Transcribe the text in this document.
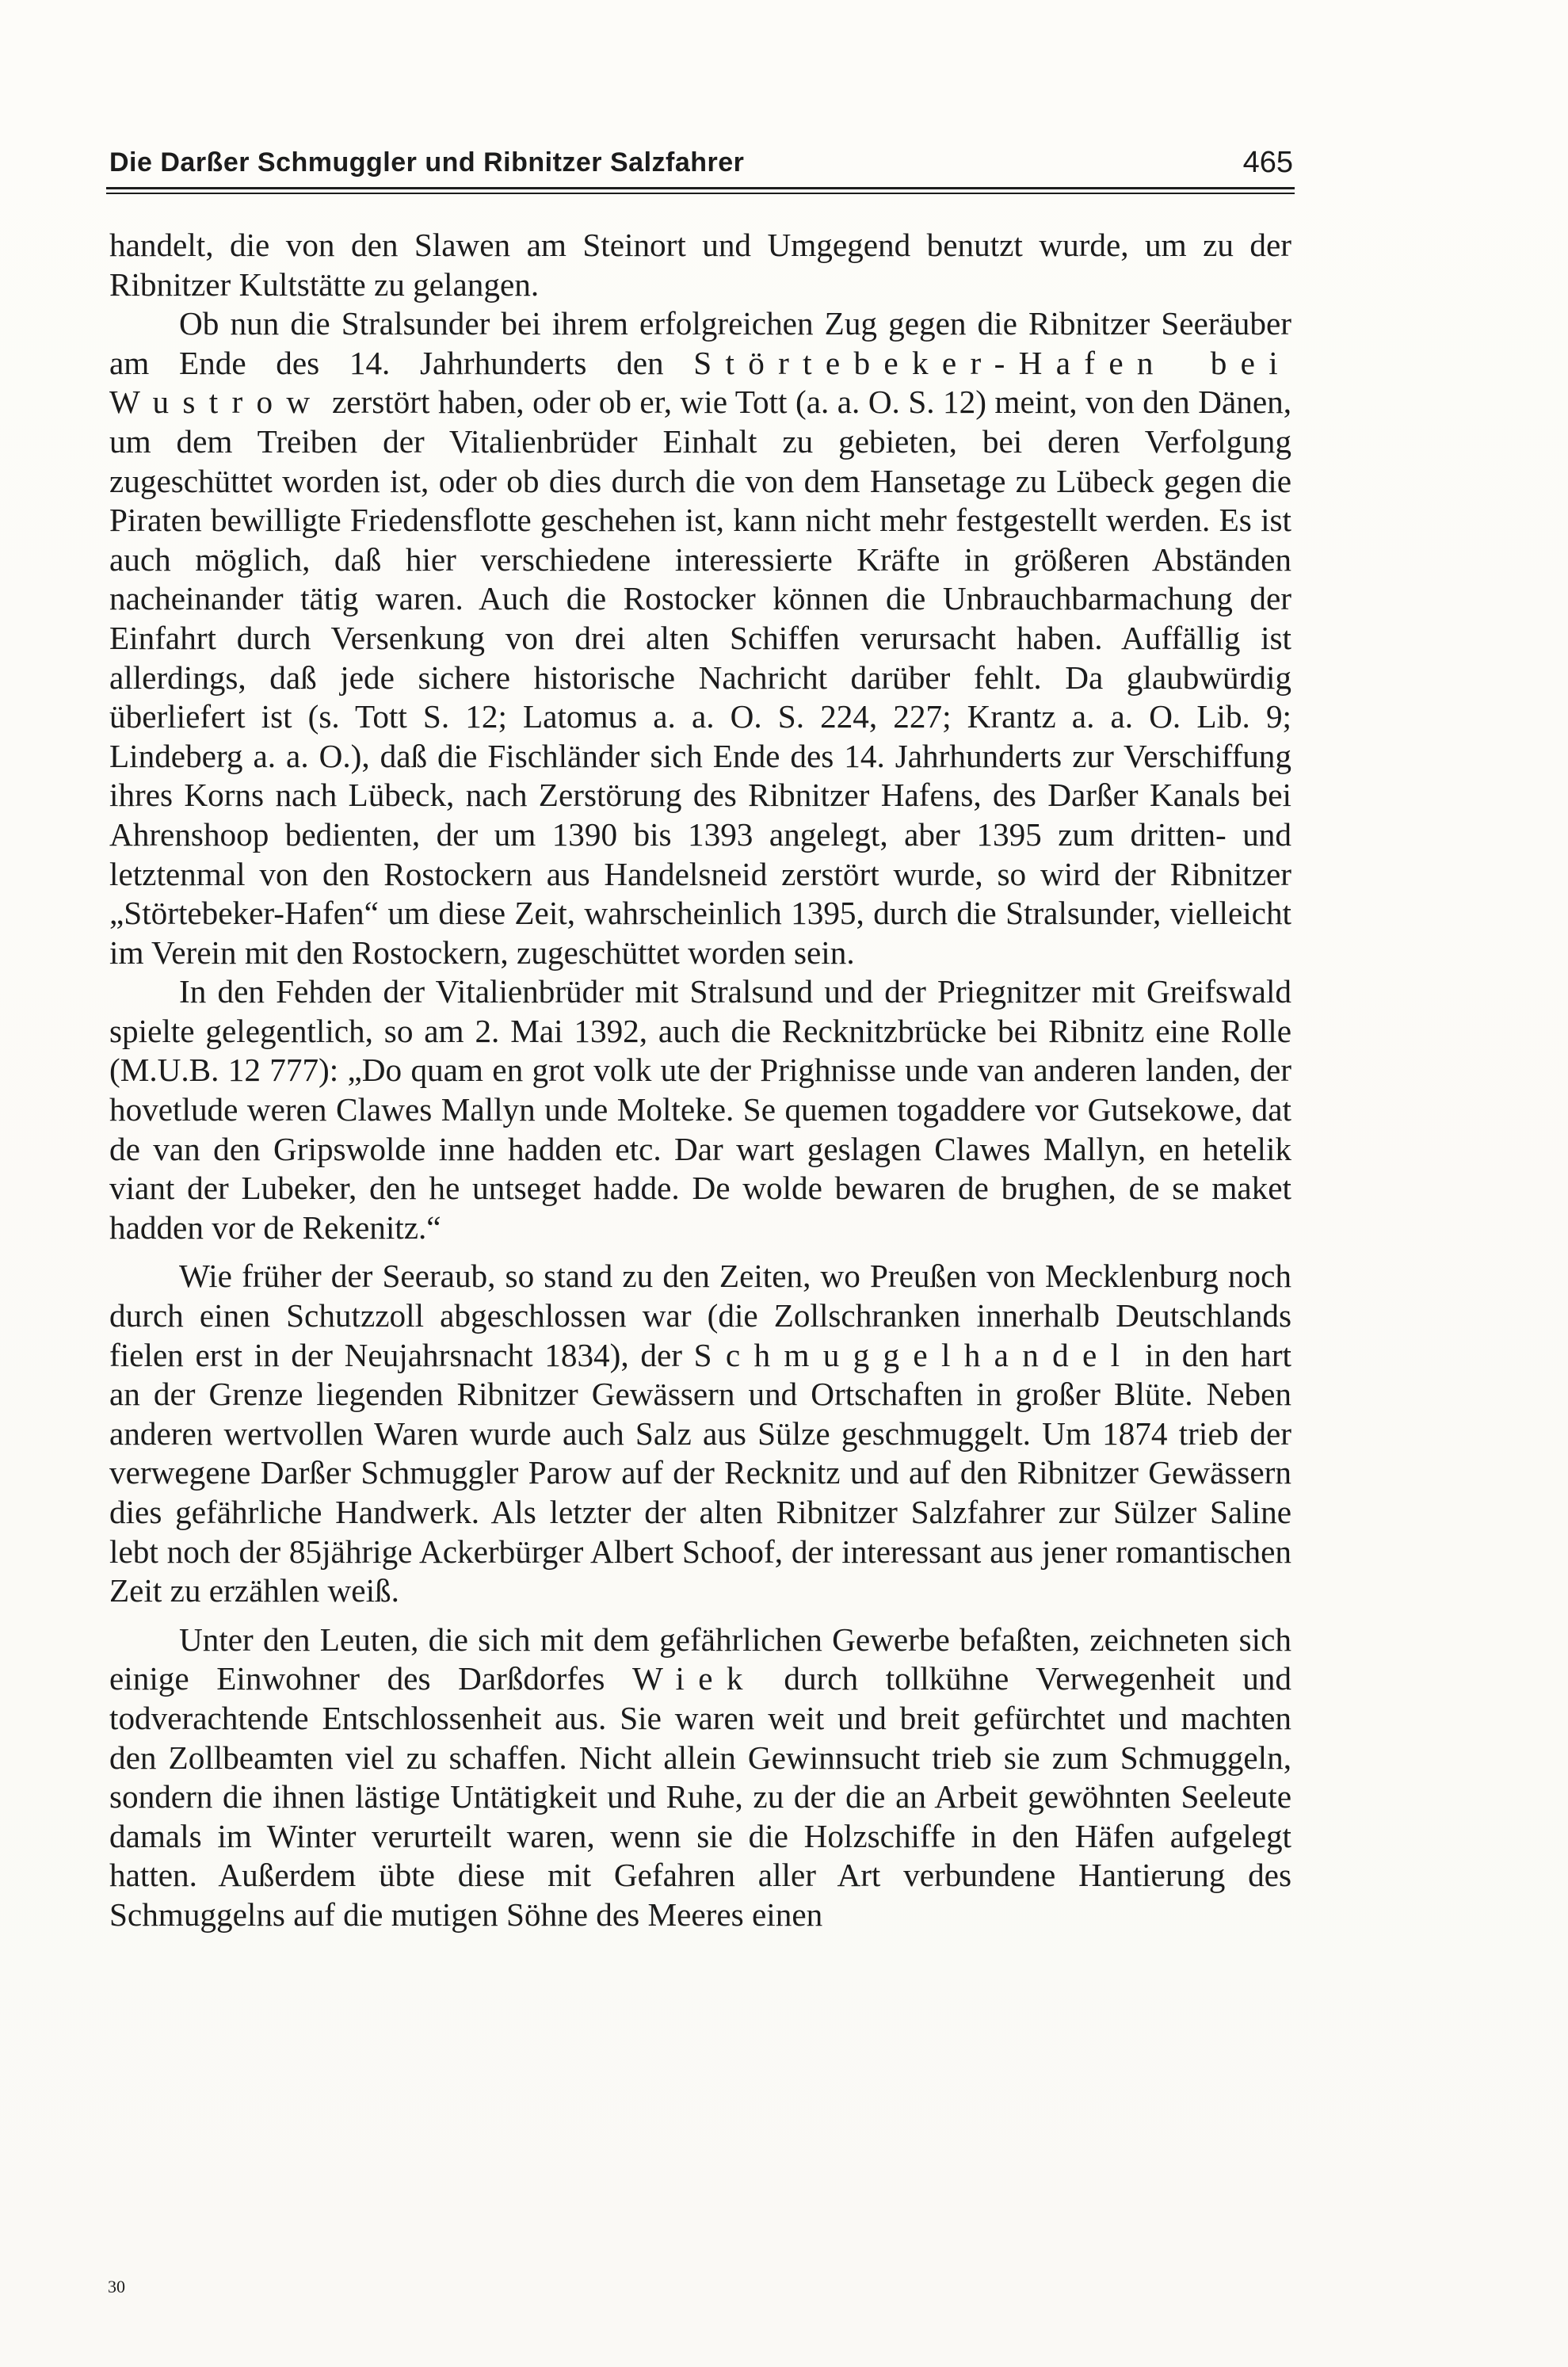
Die Darßer Schmuggler und Ribnitzer Salzfahrer	465

handelt, die von den Slawen am Steinort und Umgegend benutzt wurde, um zu der Ribnitzer Kultstätte zu gelangen.

Ob nun die Stralsunder bei ihrem erfolgreichen Zug gegen die Ribnitzer Seeräuber am Ende des 14. Jahrhunderts den Störtebeker-Hafen bei Wustrow zerstört haben, oder ob er, wie Tott (a. a. O. S. 12) meint, von den Dänen, um dem Treiben der Vitalienbrüder Einhalt zu gebieten, bei deren Verfolgung zugeschüttet worden ist, oder ob dies durch die von dem Hansetage zu Lübeck gegen die Piraten bewilligte Friedensflotte geschehen ist, kann nicht mehr festgestellt werden. Es ist auch möglich, daß hier verschiedene interessierte Kräfte in größeren Abständen nacheinander tätig waren. Auch die Rostocker können die Unbrauchbarmachung der Einfahrt durch Versenkung von drei alten Schiffen verursacht haben. Auffällig ist allerdings, daß jede sichere historische Nachricht darüber fehlt. Da glaubwürdig überliefert ist (s. Tott S. 12; Latomus a. a. O. S. 224, 227; Krantz a. a. O. Lib. 9; Lindeberg a. a. O.), daß die Fischländer sich Ende des 14. Jahrhunderts zur Verschiffung ihres Korns nach Lübeck, nach Zerstörung des Ribnitzer Hafens, des Darßer Kanals bei Ahrenshoop bedienten, der um 1390 bis 1393 angelegt, aber 1395 zum dritten- und letztenmal von den Rostockern aus Handelsneid zerstört wurde, so wird der Ribnitzer „Störtebeker-Hafen“ um diese Zeit, wahrscheinlich 1395, durch die Stralsunder, vielleicht im Verein mit den Rostockern, zugeschüttet worden sein.

In den Fehden der Vitalienbrüder mit Stralsund und der Priegnitzer mit Greifswald spielte gelegentlich, so am 2. Mai 1392, auch die Recknitzbrücke bei Ribnitz eine Rolle (M.U.B. 12 777): „Do quam en grot volk ute der Prighnisse unde van anderen landen, der hovetlude weren Clawes Mallyn unde Molteke. Se quemen togaddere vor Gutsekowe, dat de van den Gripswolde inne hadden etc. Dar wart geslagen Clawes Mallyn, en hetelik viant der Lubeker, den he untseget hadde. De wolde bewaren de brughen, de se maket hadden vor de Rekenitz.“

Wie früher der Seeraub, so stand zu den Zeiten, wo Preußen von Mecklenburg noch durch einen Schutzzoll abgeschlossen war (die Zollschranken innerhalb Deutschlands fielen erst in der Neujahrsnacht 1834), der Schmuggelhandel in den hart an der Grenze liegenden Ribnitzer Gewässern und Ortschaften in großer Blüte. Neben anderen wertvollen Waren wurde auch Salz aus Sülze geschmuggelt. Um 1874 trieb der verwegene Darßer Schmuggler Parow auf der Recknitz und auf den Ribnitzer Gewässern dies gefährliche Handwerk. Als letzter der alten Ribnitzer Salzfahrer zur Sülzer Saline lebt noch der 85jährige Ackerbürger Albert Schoof, der interessant aus jener romantischen Zeit zu erzählen weiß.

Unter den Leuten, die sich mit dem gefährlichen Gewerbe befaßten, zeichneten sich einige Einwohner des Darßdorfes Wiek durch tollkühne Verwegenheit und todverachtende Entschlossenheit aus. Sie waren weit und breit gefürchtet und machten den Zollbeamten viel zu schaffen. Nicht allein Gewinnsucht trieb sie zum Schmuggeln, sondern die ihnen lästige Untätigkeit und Ruhe, zu der die an Arbeit gewöhnten Seeleute damals im Winter verurteilt waren, wenn sie die Holzschiffe in den Häfen aufgelegt hatten. Außerdem übte diese mit Gefahren aller Art verbundene Hantierung des Schmuggelns auf die mutigen Söhne des Meeres einen

30
